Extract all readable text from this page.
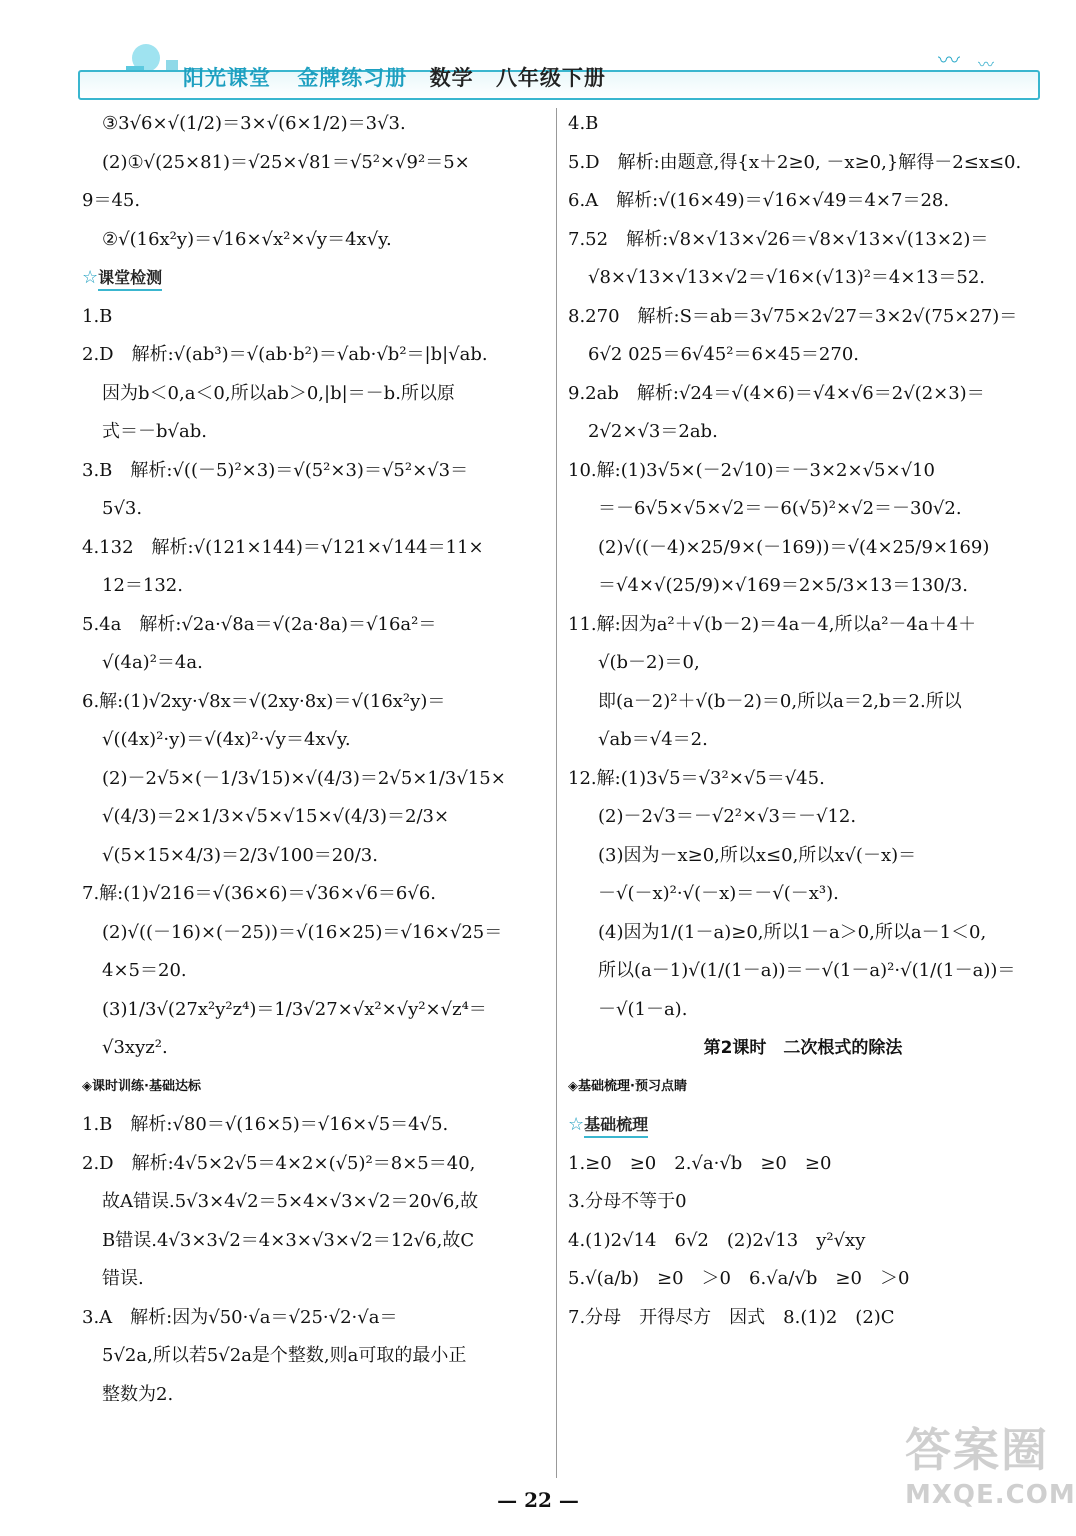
阳光课堂 金牌练习册 数学 八年级下册
〰 〰
③3√6×√(1/2)＝3×√(6×1/2)＝3√3.
(2)①√(25×81)＝√25×√81＝√5²×√9²＝5×
9＝45.
②√(16x²y)＝√16×√x²×√y＝4x√y.
☆课堂检测
1.B
2.D　解析:√(ab³)＝√(ab·b²)＝√ab·√b²＝|b|√ab.
因为b＜0,a＜0,所以ab＞0,|b|＝－b.所以原
式＝－b√ab.
3.B　解析:√((－5)²×3)＝√(5²×3)＝√5²×√3＝
5√3.
4.132　解析:√(121×144)＝√121×√144＝11×
12＝132.
5.4a　解析:√2a·√8a＝√(2a·8a)＝√16a²＝
√(4a)²＝4a.
6.解:(1)√2xy·√8x＝√(2xy·8x)＝√(16x²y)＝
√((4x)²·y)＝√(4x)²·√y＝4x√y.
(2)－2√5×(－1/3√15)×√(4/3)＝2√5×1/3√15×
√(4/3)＝2×1/3×√5×√15×√(4/3)＝2/3×
√(5×15×4/3)＝2/3√100＝20/3.
7.解:(1)√216＝√(36×6)＝√36×√6＝6√6.
(2)√((－16)×(－25))＝√(16×25)＝√16×√25＝
4×5＝20.
(3)1/3√(27x²y²z⁴)＝1/3√27×√x²×√y²×√z⁴＝
√3xyz².
◈课时训练·基础达标
1.B　解析:√80＝√(16×5)＝√16×√5＝4√5.
2.D　解析:4√5×2√5＝4×2×(√5)²＝8×5＝40,
故A错误.5√3×4√2＝5×4×√3×√2＝20√6,故
B错误.4√3×3√2＝4×3×√3×√2＝12√6,故C
错误.
3.A　解析:因为√50·√a＝√25·√2·√a＝
5√2a,所以若5√2a是个整数,则a可取的最小正
整数为2.
4.B
5.D　解析:由题意,得{x＋2≥0, －x≥0,}解得－2≤x≤0.
6.A　解析:√(16×49)＝√16×√49＝4×7＝28.
7.52　解析:√8×√13×√26＝√8×√13×√(13×2)＝
√8×√13×√13×√2＝√16×(√13)²＝4×13＝52.
8.270　解析:S＝ab＝3√75×2√27＝3×2√(75×27)＝
6√2 025＝6√45²＝6×45＝270.
9.2ab　解析:√24＝√(4×6)＝√4×√6＝2√(2×3)＝
2√2×√3＝2ab.
10.解:(1)3√5×(－2√10)＝－3×2×√5×√10
＝－6√5×√5×√2＝－6(√5)²×√2＝－30√2.
(2)√((－4)×25/9×(－169))＝√(4×25/9×169)
＝√4×√(25/9)×√169＝2×5/3×13＝130/3.
11.解:因为a²＋√(b－2)＝4a－4,所以a²－4a＋4＋
√(b－2)＝0,
即(a－2)²＋√(b－2)＝0,所以a＝2,b＝2.所以
√ab＝√4＝2.
12.解:(1)3√5＝√3²×√5＝√45.
(2)－2√3＝－√2²×√3＝－√12.
(3)因为－x≥0,所以x≤0,所以x√(－x)＝
－√(－x)²·√(－x)＝－√(－x³).
(4)因为1/(1－a)≥0,所以1－a＞0,所以a－1＜0,
所以(a－1)√(1/(1－a))＝－√(1－a)²·√(1/(1－a))＝
－√(1－a).
第2课时　二次根式的除法
◈基础梳理·预习点睛
☆基础梳理
1.≥0　≥0　2.√a·√b　≥0　≥0
3.分母不等于0
4.(1)2√14　6√2　(2)2√13　y²√xy
5.√(a/b)　≥0　＞0　6.√a/√b　≥0　＞0
7.分母　开得尽方　因式　8.(1)2　(2)C
— 22 —
答案圈
MXQE.COM
